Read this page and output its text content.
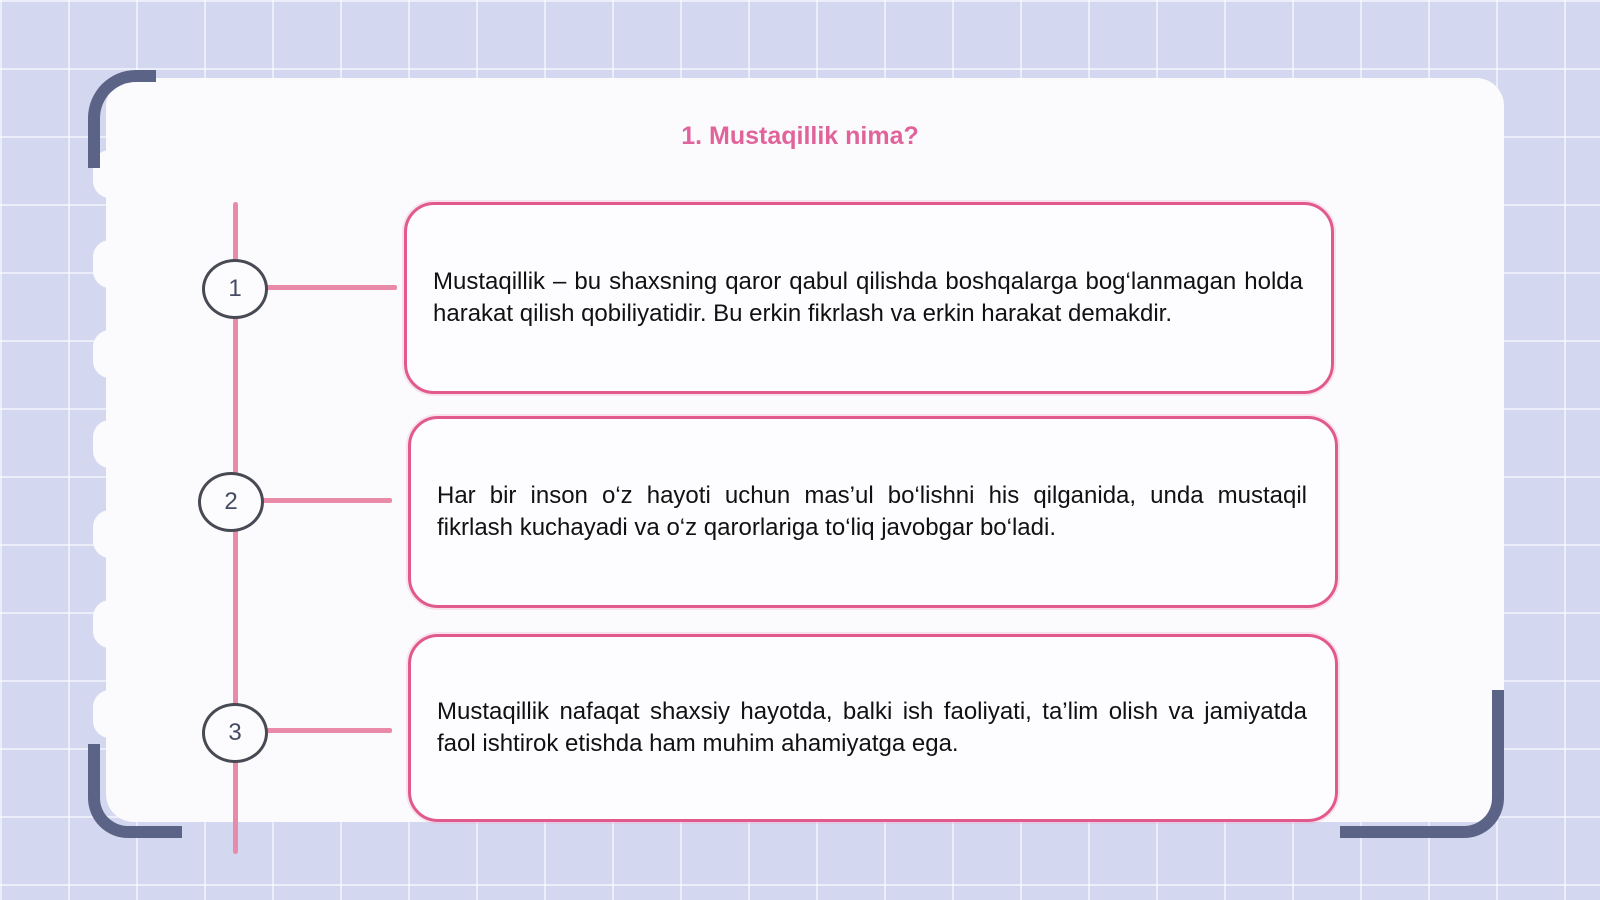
1. Mustaqillik nima?
1
2
3

Mustaqillik – bu shaxsning qaror qabul qilishda boshqalarga bog‘lanmagan holda harakat qilish qobiliyatidir. Bu erkin fikrlash va erkin harakat demakdir.

Har bir inson o‘z hayoti uchun mas’ul bo‘lishni his qilganida, unda mustaqil fikrlash kuchayadi va o‘z qarorlariga to‘liq javobgar bo‘ladi.

Mustaqillik nafaqat shaxsiy hayotda, balki ish faoliyati, ta’lim olish va jamiyatda faol ishtirok etishda ham muhim ahamiyatga ega.
